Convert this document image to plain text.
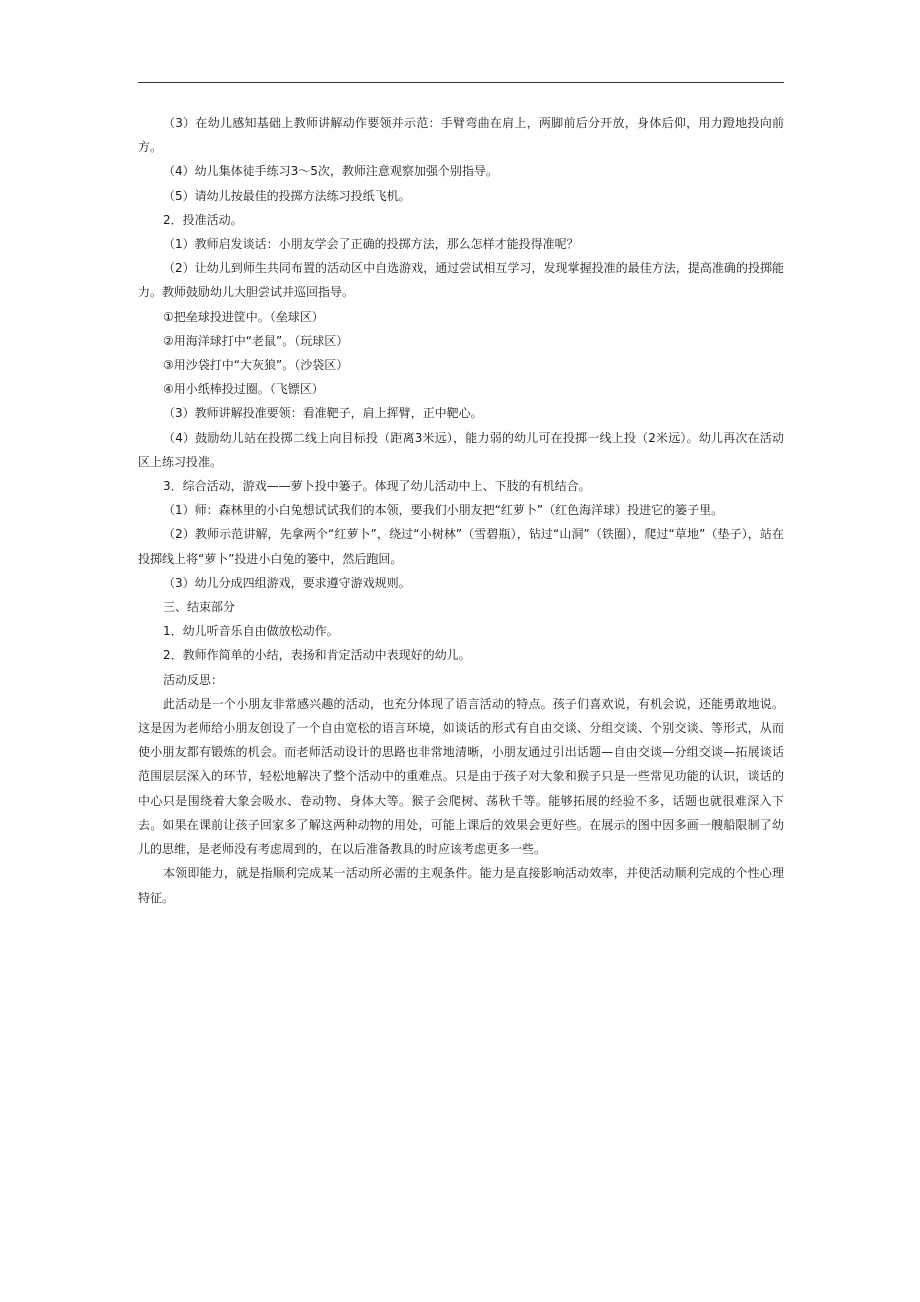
（3）在幼儿感知基础上教师讲解动作要领并示范：手臂弯曲在肩上，两脚前后分开放，身体后仰，用力蹬地投向前方。

（4）幼儿集体徒手练习3～5次，教师注意观察加强个别指导。

（5）请幼儿按最佳的投掷方法练习投纸飞机。

2．投准活动。

（1）教师启发谈话：小朋友学会了正确的投掷方法，那么怎样才能投得准呢？

（2）让幼儿到师生共同布置的活动区中自选游戏，通过尝试相互学习，发现掌握投准的最佳方法，提高准确的投掷能力。教师鼓励幼儿大胆尝试并巡回指导。

①把垒球投进筐中。（垒球区）

②用海洋球打中“老鼠”。（玩球区）

③用沙袋打中“大灰狼”。（沙袋区）

④用小纸棒投过圈。（飞镖区）

（3）教师讲解投准要领：看准靶子，肩上挥臂，正中靶心。

（4）鼓励幼儿站在投掷二线上向目标投（距离3米远），能力弱的幼儿可在投掷一线上投（2米远）。幼儿再次在活动区上练习投准。

3．综合活动，游戏——萝卜投中篓子。体现了幼儿活动中上、下肢的有机结合。

（1）师：森林里的小白兔想试试我们的本领，要我们小朋友把“红萝卜”（红色海洋球）投进它的篓子里。

（2）教师示范讲解，先拿两个“红萝卜”，绕过“小树林”（雪碧瓶），钻过“山洞”（铁圈），爬过“草地”（垫子），站在投掷线上将“萝卜”投进小白兔的篓中，然后跑回。

（3）幼儿分成四组游戏，要求遵守游戏规则。

三、结束部分

1．幼儿听音乐自由做放松动作。

2．教师作简单的小结，表扬和肯定活动中表现好的幼儿。

活动反思：

此活动是一个小朋友非常感兴趣的活动，也充分体现了语言活动的特点。孩子们喜欢说，有机会说，还能勇敢地说。这是因为老师给小朋友创设了一个自由宽松的语言环境，如谈话的形式有自由交谈、分组交谈、个别交谈、等形式，从而使小朋友都有锻炼的机会。而老师活动设计的思路也非常地清晰，小朋友通过引出话题—自由交谈—分组交谈—拓展谈话范围层层深入的环节，轻松地解决了整个活动中的重难点。只是由于孩子对大象和猴子只是一些常见功能的认识，谈话的中心只是围绕着大象会吸水、卷动物、身体大等。猴子会爬树、荡秋千等。能够拓展的经验不多，话题也就很难深入下去。如果在课前让孩子回家多了解这两种动物的用处，可能上课后的效果会更好些。在展示的图中因多画一艘船限制了幼儿的思维，是老师没有考虑周到的，在以后准备教具的时应该考虑更多一些。

本领即能力，就是指顺利完成某一活动所必需的主观条件。能力是直接影响活动效率，并使活动顺利完成的个性心理特征。
